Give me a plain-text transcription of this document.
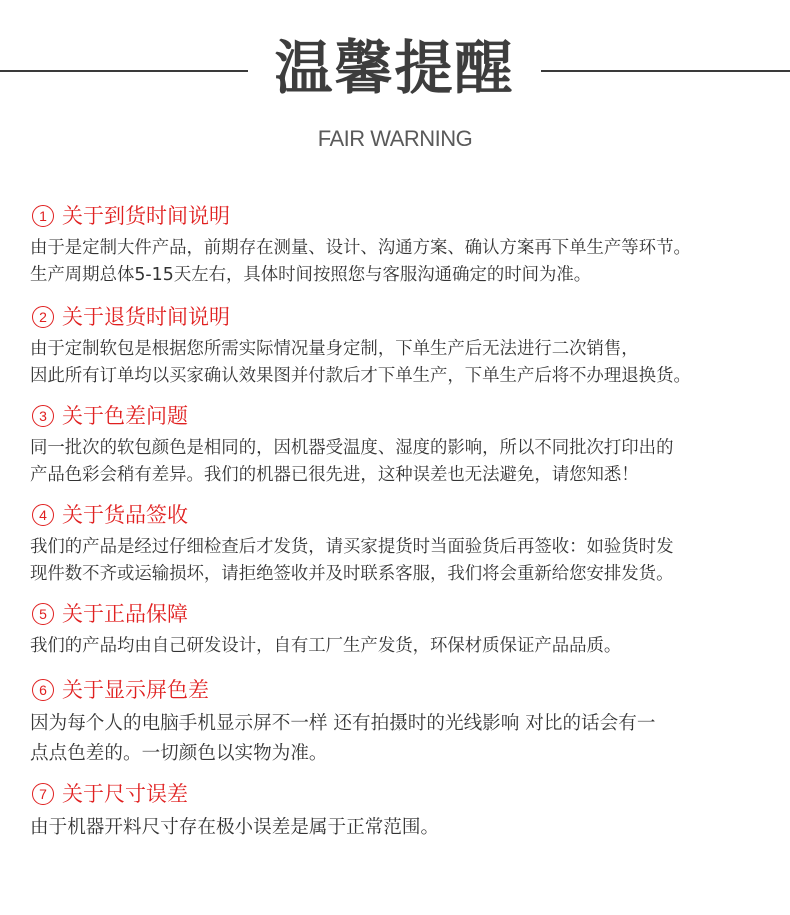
温馨提醒
FAIR WARNING
1 关于到货时间说明
由于是定制大件产品，前期存在测量、设计、沟通方案、确认方案再下单生产等环节。
生产周期总体5-15天左右，具体时间按照您与客服沟通确定的时间为准。
2 关于退货时间说明
由于定制软包是根据您所需实际情况量身定制，下单生产后无法进行二次销售，
因此所有订单均以买家确认效果图并付款后才下单生产，下单生产后将不办理退换货。
3 关于色差问题
同一批次的软包颜色是相同的，因机器受温度、湿度的影响，所以不同批次打印出的
产品色彩会稍有差异。我们的机器已很先进，这种误差也无法避免，请您知悉！
4 关于货品签收
我们的产品是经过仔细检查后才发货，请买家提货时当面验货后再签收：如验货时发
现件数不齐或运输损坏，请拒绝签收并及时联系客服，我们将会重新给您安排发货。
5 关于正品保障
我们的产品均由自己研发设计，自有工厂生产发货，环保材质保证产品品质。
6 关于显示屏色差
因为每个人的电脑手机显示屏不一样 还有拍摄时的光线影响 对比的话会有一
点点色差的。一切颜色以实物为准。
7 关于尺寸误差
由于机器开料尺寸存在极小误差是属于正常范围。
